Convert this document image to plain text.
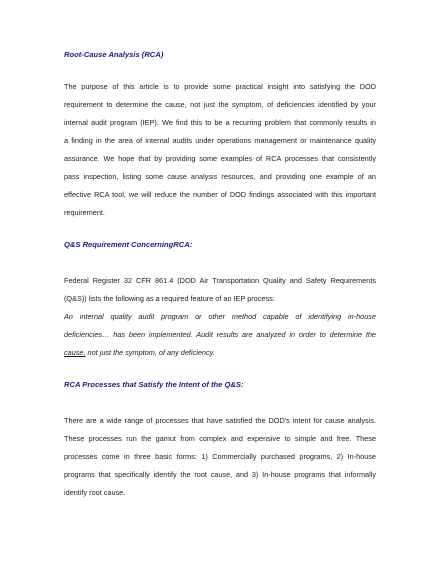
Root-Cause Analysis (RCA)
The purpose of this article is to provide some practical insight into satisfying the DOD
requirement to determine the cause, not just the symptom, of deficiencies identified by your
internal audit program (IEP). We find this to be a recurring problem that commonly results in
a finding in the area of internal audits under operations management or maintenance quality
assurance. We hope that by providing some examples of RCA processes that consistently
pass inspection, listing some cause analysis resources, and providing one example of an
effective RCA tool, we will reduce the number of DOD findings associated with this important
requirement.
Q&S Requirement ConcerningRCA:
Federal Register 32 CFR 861.4 (DOD Air Transportation Quality and Safety Requirements
(Q&S)) lists the following as a required feature of an IEP process:
An internal quality audit program or other method capable of identifying in-house
deficiencies… has been implemented. Audit results are analyzed in order to determine the
cause, not just the symptom, of any deficiency.
RCA Processes that Satisfy the Intent of the Q&S:
There are a wide range of processes that have satisfied the DOD's intent for cause analysis.
These processes run the gamut from complex and expensive to simple and free. These
processes come in three basic forms: 1) Commercially purchased programs, 2) In-house
programs that specifically identify the root cause, and 3) In-house programs that informally
identify root cause.
